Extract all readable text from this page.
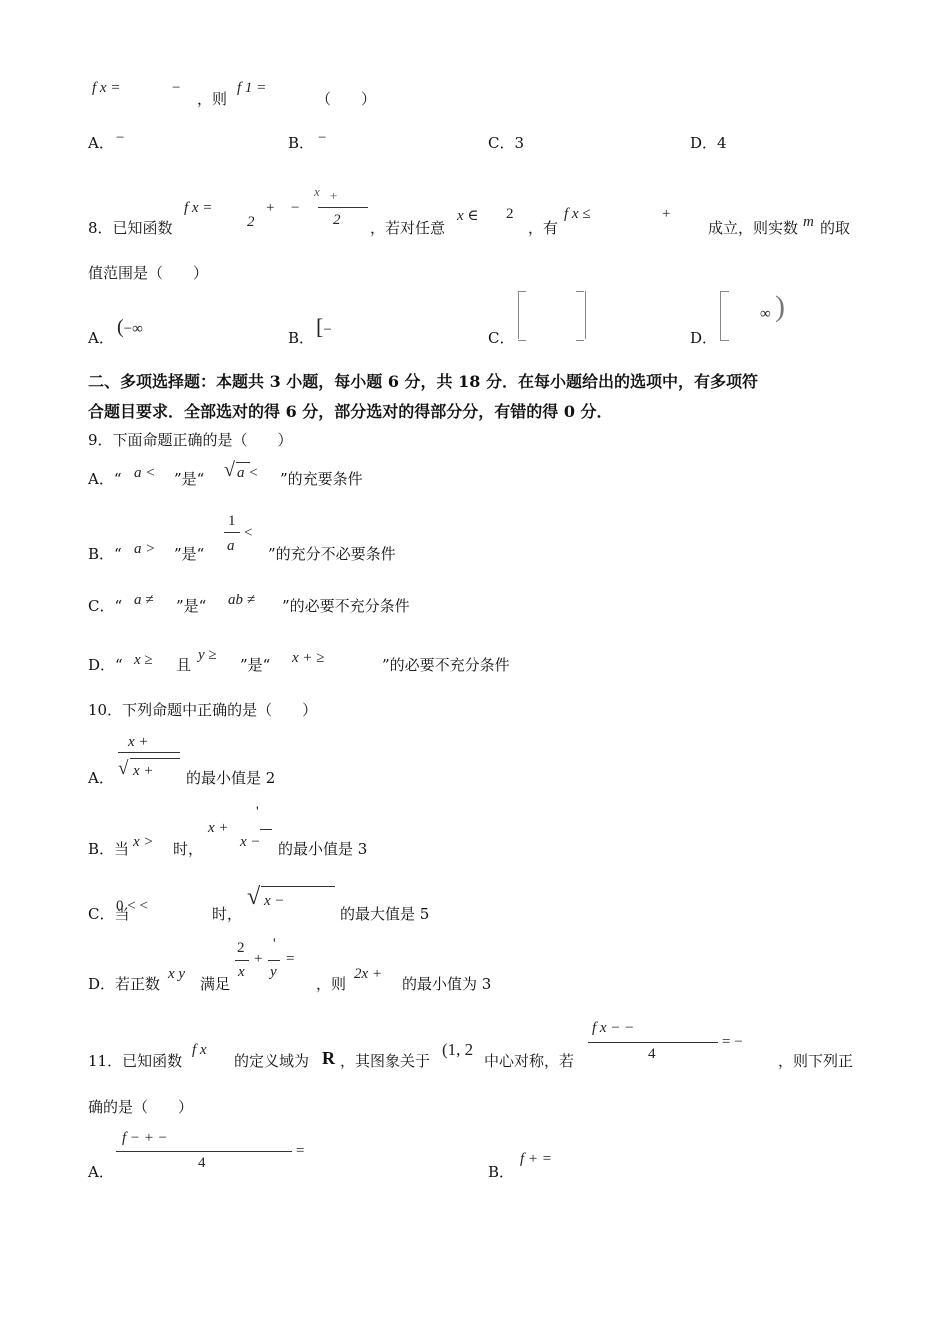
f x =	−
，则
f 1 =
（　　）
A． −	B． −	C．3	D．4
8．已知函数
f x =
2
+ −
x +
2 ，若对任意
x ∈ 2
，有
f x ≤	+
成立，则实数 m 的取
值范围是（　　）
A． (−∞	B． [−	C．	D．
∞ )
二、多项选择题：本题共 3 小题，每小题 6 分，共 18 分．在每小题给出的选项中，有多项符
合题目要求．全部选对的得 6 分，部分选对的得部分分，有错的得 0 分．
9．下面命题正确的是（　　）
A．“ a < ”是“ √ a < ”的充要条件
B．“ a > ”是“
1
a
<
”的充分不必要条件
C．“ a ≠ ”是“ ab ≠ ”的必要不充分条件
D．“ x ≥ 且
y ≥
”是“ x + ≥	”的必要不充分条件
10．下列命题中正确的是（　　）
A．
x +
√ x + 的最小值是 2
B．当 x > 时，
x +
'
x − 的最小值是 3
C．当
0 < <	时，
√ x −
的最大值是 5
D．若正数
x y
满足
2
x
+
'
y
=
，则
2x +
的最小值为 3
11．已知函数
f x
的定义域为 R ，其图象关于
(1, 2
中心对称，若
f x − −
4
= −
，则下列正
确的是（　　）
A．
f − + −
4
=
B．
f + =
